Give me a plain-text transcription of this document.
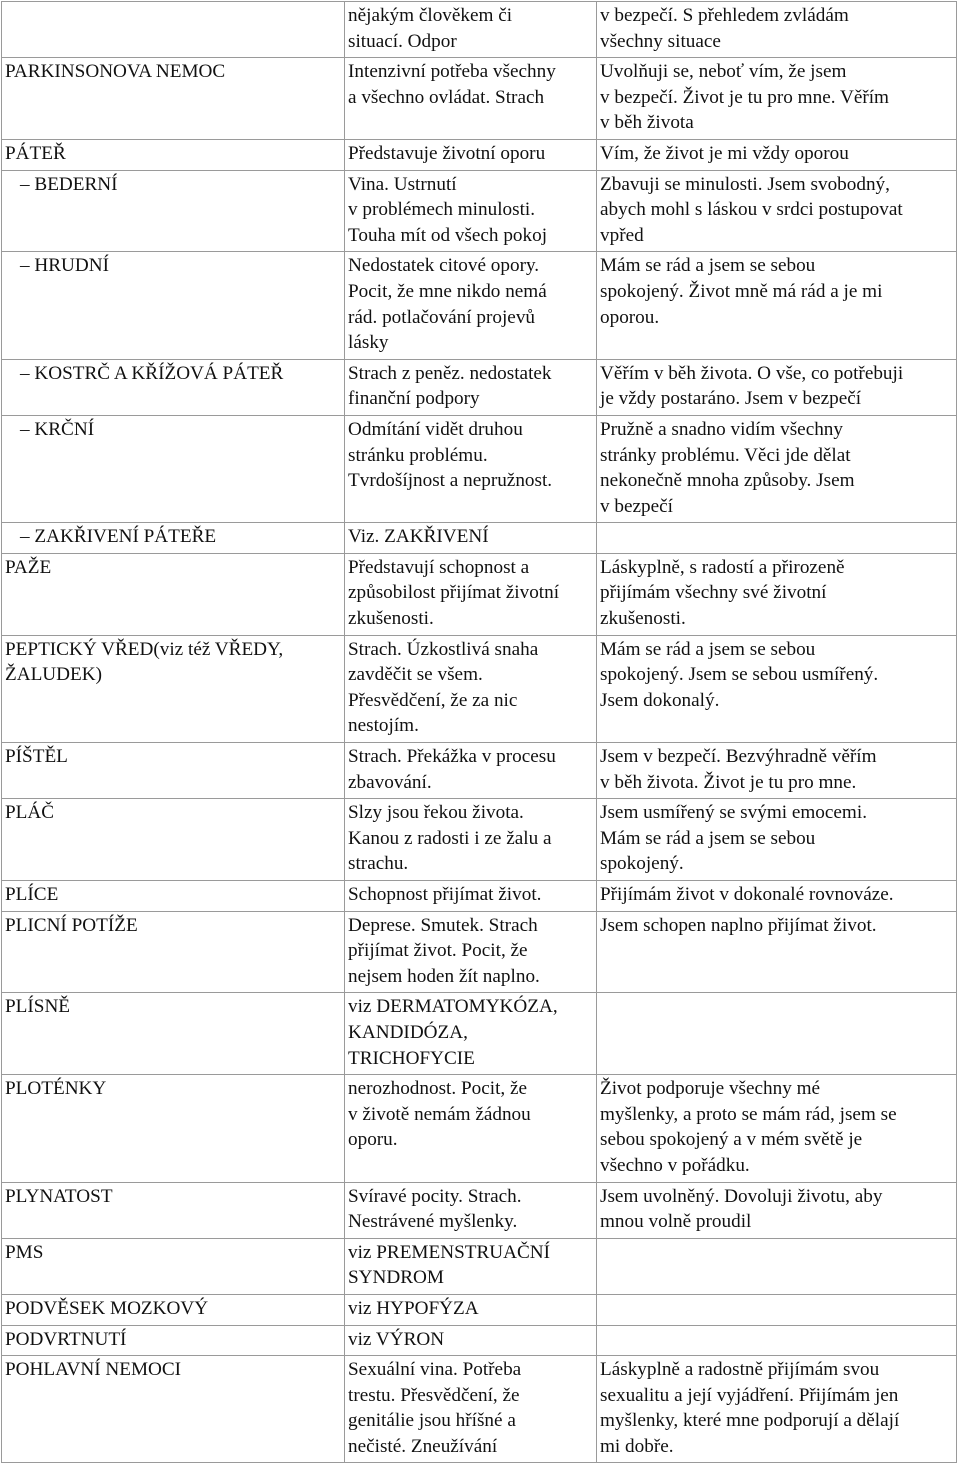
	nějakým člověkem či
situací. Odpor	v bezpečí. S přehledem zvládám
všechny situace
PARKINSONOVA NEMOC	Intenzivní potřeba všechny
a všechno ovládat. Strach	Uvolňuji se, neboť vím, že jsem
v bezpečí. Život je tu pro mne. Věřím
v běh života
PÁTEŘ	Představuje životní oporu	Vím, že život je mi vždy oporou
– BEDERNÍ	Vina. Ustrnutí
v problémech minulosti.
Touha mít od všech pokoj	Zbavuji se minulosti. Jsem svobodný,
abych mohl s láskou v srdci postupovat
vpřed
– HRUDNÍ	Nedostatek citové opory.
Pocit, že mne nikdo nemá
rád. potlačování projevů
lásky	Mám se rád a jsem se sebou
spokojený. Život mně má rád a je mi
oporou.
– KOSTRČ A KŘÍŽOVÁ PÁTEŘ	Strach z peněz. nedostatek
finanční podpory	Věřím v běh života. O vše, co potřebuji
je vždy postaráno. Jsem v bezpečí
– KRČNÍ	Odmítání vidět druhou
stránku problému.
Tvrdošíjnost a nepružnost.	Pružně a snadno vidím všechny
stránky problému. Věci jde dělat
nekonečně mnoha způsoby. Jsem
v bezpečí
– ZAKŘIVENÍ PÁTEŘE	Viz. ZAKŘIVENÍ	
PAŽE	Představují schopnost a
způsobilost přijímat životní
zkušenosti.	Láskyplně, s radostí a přirozeně
přijímám všechny své životní
zkušenosti.
PEPTICKÝ VŘED(viz též VŘEDY,
ŽALUDEK)	Strach. Úzkostlivá snaha
zavděčit se všem.
Přesvědčení, že za nic
nestojím.	Mám se rád a jsem se sebou
spokojený. Jsem se sebou usmířený.
Jsem dokonalý.
PÍŠTĚL	Strach. Překážka v procesu
zbavování.	Jsem v bezpečí. Bezvýhradně věřím
v běh života. Život je tu pro mne.
PLÁČ	Slzy jsou řekou života.
Kanou z radosti i ze žalu a
strachu.	Jsem usmířený se svými emocemi.
Mám se rád a jsem se sebou
spokojený.
PLÍCE	Schopnost přijímat život.	Přijímám život v dokonalé rovnováze.
PLICNÍ POTÍŽE	Deprese. Smutek. Strach
přijímat život. Pocit, že
nejsem hoden žít naplno.	Jsem schopen naplno přijímat život.
PLÍSNĚ	viz DERMATOMYKÓZA,
KANDIDÓZA,
TRICHOFYCIE	
PLOTÉNKY	nerozhodnost. Pocit, že
v životě nemám žádnou
oporu.	Život podporuje všechny mé
myšlenky, a proto se mám rád, jsem se
sebou spokojený a v mém světě je
všechno v pořádku.
PLYNATOST	Svíravé pocity. Strach.
Nestrávené myšlenky.	Jsem uvolněný. Dovoluji životu, aby
mnou volně proudil
PMS	viz PREMENSTRUAČNÍ
SYNDROM	
PODVĚSEK MOZKOVÝ	viz HYPOFÝZA	
PODVRTNUTÍ	viz VÝRON	
POHLAVNÍ NEMOCI	Sexuální vina. Potřeba
trestu. Přesvědčení, že
genitálie jsou hříšné a
nečisté. Zneužívání	Láskyplně a radostně přijímám svou
sexualitu a její vyjádření. Přijímám jen
myšlenky, které mne podporují a dělají
mi dobře.
